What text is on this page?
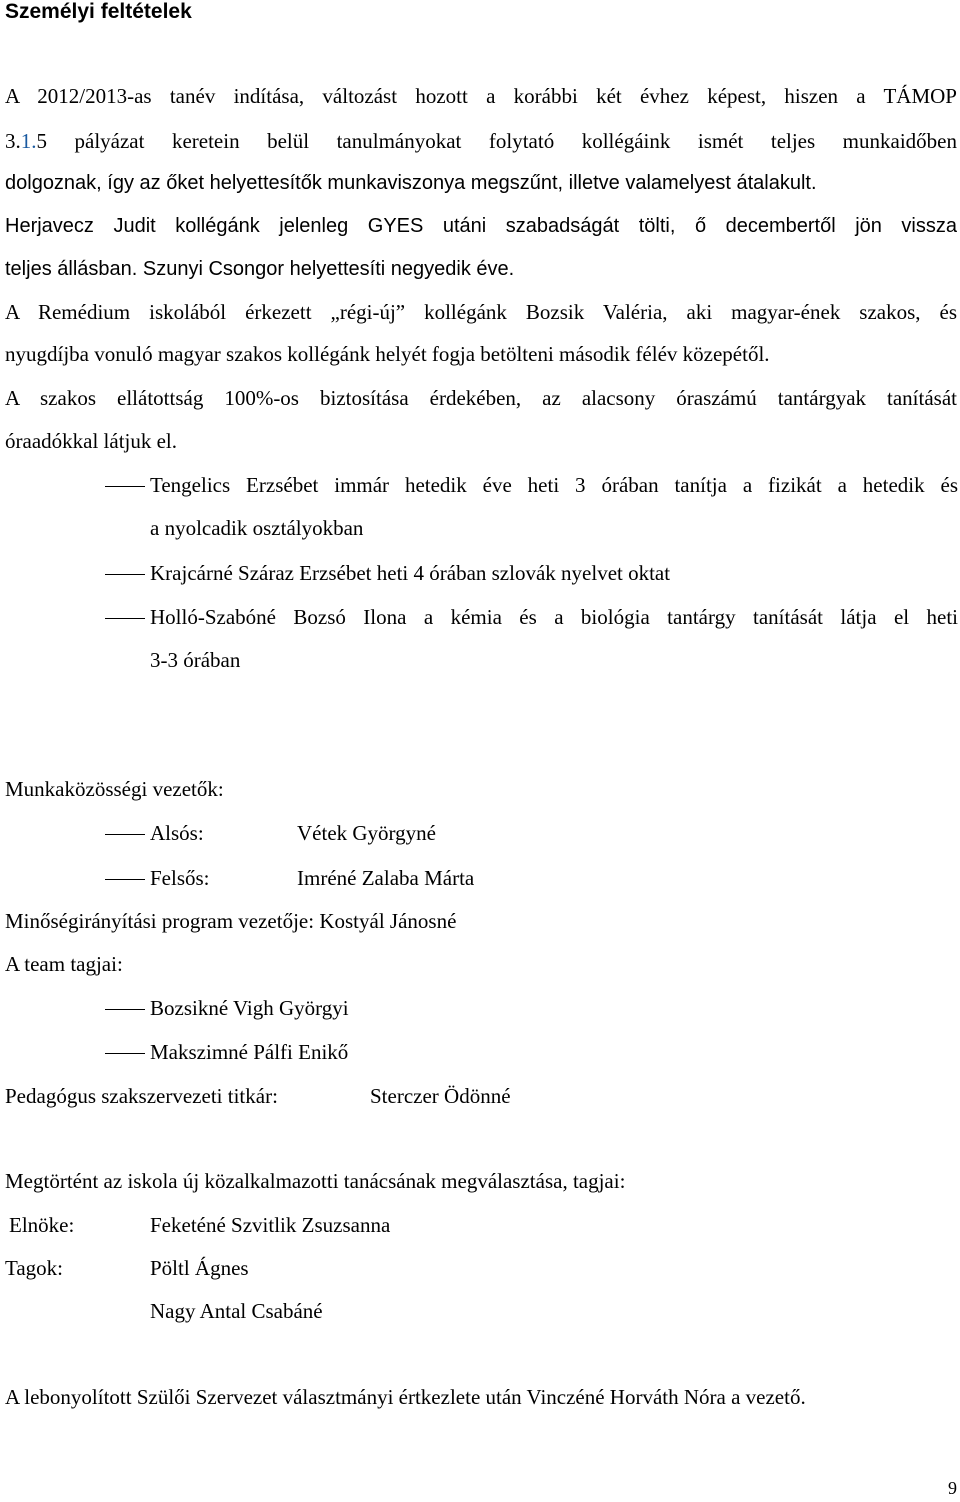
Személyi feltételek
A 2012/2013-as tanév indítása, változást hozott a korábbi két évhez képest, hiszen a TÁMOP
3.1.5 pályázat keretein belül tanulmányokat folytató kollégáink ismét teljes munkaidőben
dolgoznak, így az őket helyettesítők munkaviszonya megszűnt, illetve valamelyest átalakult.
Herjavecz Judit kollégánk jelenleg GYES utáni szabadságát tölti, ő decembertől jön vissza
teljes állásban. Szunyi Csongor helyettesíti negyedik éve.
A Remédium iskolából érkezett „régi-új” kollégánk Bozsik Valéria, aki magyar-ének szakos, és
nyugdíjba vonuló magyar szakos kollégánk helyét fogja betölteni második félév közepétől.
A szakos ellátottság 100%-os biztosítása érdekében, az alacsony óraszámú tantárgyak tanítását
óraadókkal látjuk el.
Tengelics Erzsébet immár hetedik éve heti 3 órában tanítja a fizikát a hetedik és
a nyolcadik osztályokban
Krajcárné Száraz Erzsébet heti 4 órában szlovák nyelvet oktat
Holló-Szabóné Bozsó Ilona a kémia és a biológia tantárgy tanítását látja el heti
3-3 órában
Munkaközösségi vezetők:
Alsós:	Vétek Györgyné
Felsős:	Imréné Zalaba Márta
Minőségirányítási program vezetője: Kostyál Jánosné
A team tagjai:
Bozsikné Vigh Györgyi
Makszimné Pálfi Enikő
Pedagógus szakszervezeti titkár:	Sterczer Ödönné
Megtörtént az iskola új közalkalmazotti tanácsának megválasztása, tagjai:
Elnöke:	Feketéné Szvitlik Zsuzsanna
Tagok:	Pöltl Ágnes
Nagy Antal Csabáné
A lebonyolított Szülői Szervezet választmányi értkezlete után Vinczéné Horváth Nóra a vezető.
9
